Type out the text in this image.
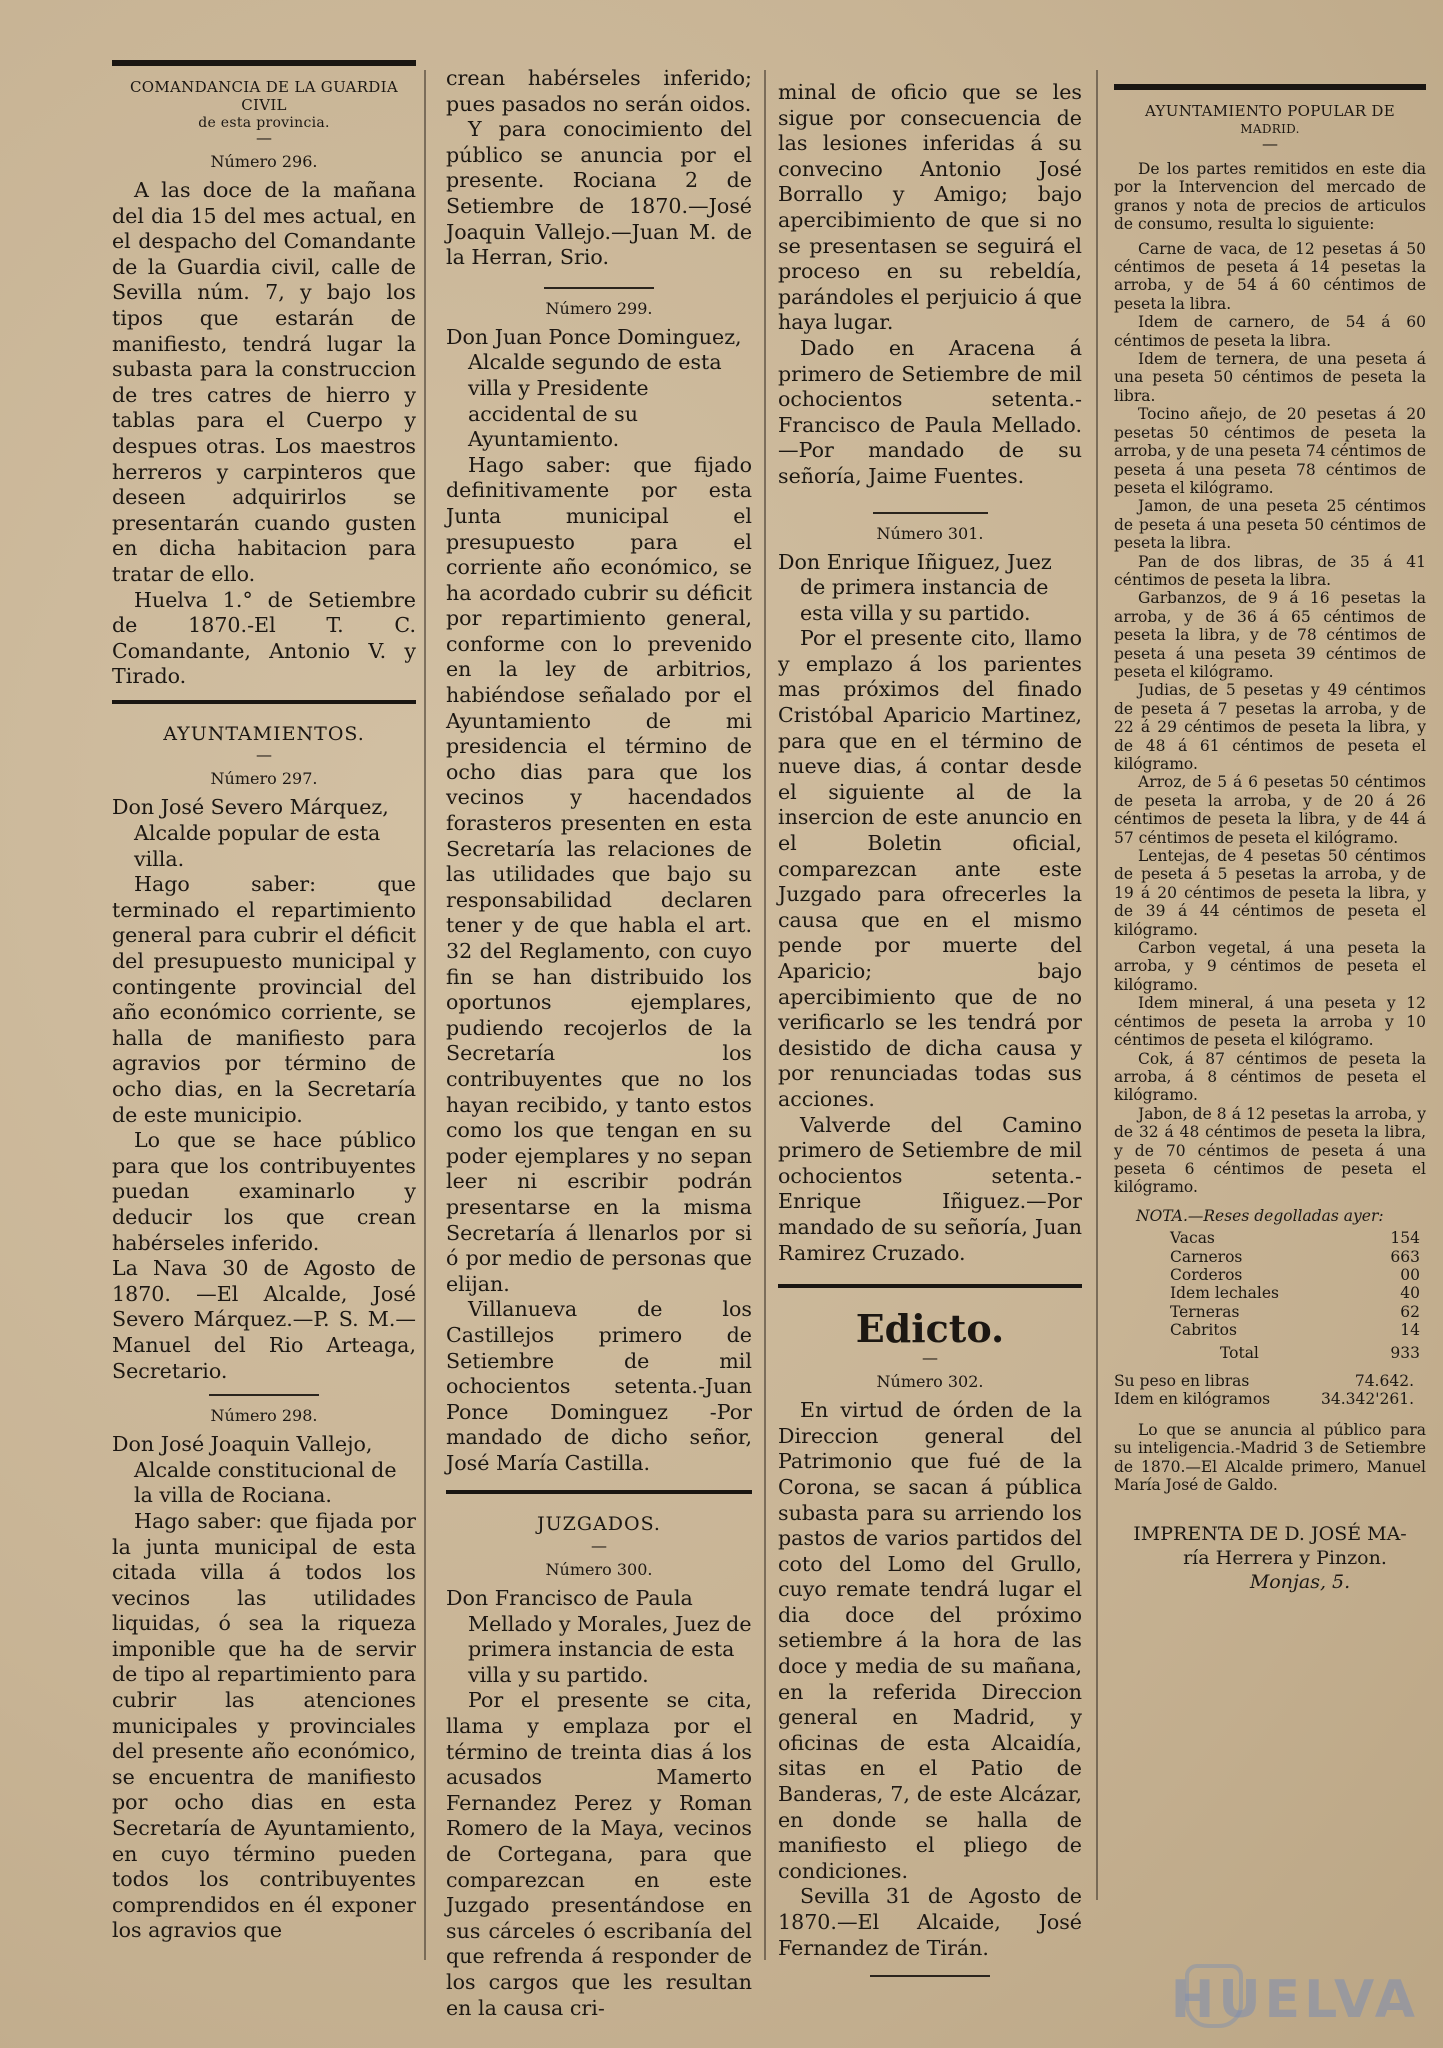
COMANDANCIA DE LA GUARDIA CIVIL
de esta provincia.
—
Número 296.

A las doce de la mañana del dia 15 del mes actual, en el despacho del Comandante de la Guardia civil, calle de Sevilla núm. 7, y bajo los tipos que estarán de manifiesto, tendrá lugar la subasta para la construccion de tres catres de hierro y tablas para el Cuerpo y despues otras. Los maestros herreros y carpinteros que deseen adquirirlos se presentarán cuando gusten en dicha habitacion para tratar de ello.

Huelva 1.° de Setiembre de 1870.-El T. C. Comandante, Antonio V. y Tirado.

AYUNTAMIENTOS.
—
Número 297.

Don José Severo Márquez, Alcalde popular de esta villa.

Hago saber: que terminado el repartimiento general para cubrir el déficit del presupuesto municipal y contingente provincial del año económico corriente, se halla de manifiesto para agravios por término de ocho dias, en la Secretaría de este municipio.

Lo que se hace público para que los contribuyentes puedan examinarlo y deducir los que crean habérseles inferido.

La Nava 30 de Agosto de 1870. —El Alcalde, José Severo Márquez.—P. S. M.—Manuel del Rio Arteaga, Secretario.

Número 298.

Don José Joaquin Vallejo, Alcalde constitucional de la villa de Rociana.

Hago saber: que fijada por la junta municipal de esta citada villa á todos los vecinos las utilidades liquidas, ó sea la riqueza imponible que ha de servir de tipo al repartimiento para cubrir las atenciones municipales y provinciales del presente año económico, se encuentra de manifiesto por ocho dias en esta Secretaría de Ayuntamiento, en cuyo término pueden todos los contribuyentes comprendidos en él exponer los agravios que

crean habérseles inferido; pues pasados no serán oidos.

Y para conocimiento del público se anuncia por el presente. Rociana 2 de Setiembre de 1870.—José Joaquin Vallejo.—Juan M. de la Herran, Srio.

Número 299.

Don Juan Ponce Dominguez, Alcalde segundo de esta villa y Presidente accidental de su Ayuntamiento.

Hago saber: que fijado definitivamente por esta Junta municipal el presupuesto para el corriente año económico, se ha acordado cubrir su déficit por repartimiento general, conforme con lo prevenido en la ley de arbitrios, habiéndose señalado por el Ayuntamiento de mi presidencia el término de ocho dias para que los vecinos y hacendados forasteros presenten en esta Secretaría las relaciones de las utilidades que bajo su responsabilidad declaren tener y de que habla el art. 32 del Reglamento, con cuyo fin se han distribuido los oportunos ejemplares, pudiendo recojerlos de la Secretaría los contribuyentes que no los hayan recibido, y tanto estos como los que tengan en su poder ejemplares y no sepan leer ni escribir podrán presentarse en la misma Secretaría á llenarlos por si ó por medio de personas que elijan.

Villanueva de los Castillejos primero de Setiembre de mil ochocientos setenta.-Juan Ponce Dominguez -Por mandado de dicho señor, José María Castilla.

JUZGADOS.
—
Número 300.

Don Francisco de Paula Mellado y Morales, Juez de primera instancia de esta villa y su partido.

Por el presente se cita, llama y emplaza por el término de treinta dias á los acusados Mamerto Fernandez Perez y Roman Romero de la Maya, vecinos de Cortegana, para que comparezcan en este Juzgado presentándose en sus cárceles ó escribanía del que refrenda á responder de los cargos que les resultan en la causa cri-

minal de oficio que se les sigue por consecuencia de las lesiones inferidas á su convecino Antonio José Borrallo y Amigo; bajo apercibimiento de que si no se presentasen se seguirá el proceso en su rebeldía, parándoles el perjuicio á que haya lugar.

Dado en Aracena á primero de Setiembre de mil ochocientos setenta.-Francisco de Paula Mellado.—Por mandado de su señoría, Jaime Fuentes.

Número 301.

Don Enrique Iñiguez, Juez de primera instancia de esta villa y su partido.

Por el presente cito, llamo y emplazo á los parientes mas próximos del finado Cristóbal Aparicio Martinez, para que en el término de nueve dias, á contar desde el siguiente al de la insercion de este anuncio en el Boletin oficial, comparezcan ante este Juzgado para ofrecerles la causa que en el mismo pende por muerte del Aparicio; bajo apercibimiento que de no verificarlo se les tendrá por desistido de dicha causa y por renunciadas todas sus acciones.

Valverde del Camino primero de Setiembre de mil ochocientos setenta.-Enrique Iñiguez.—Por mandado de su señoría, Juan Ramirez Cruzado.

Edicto.
—
Número 302.

En virtud de órden de la Direccion general del Patrimonio que fué de la Corona, se sacan á pública subasta para su arriendo los pastos de varios partidos del coto del Lomo del Grullo, cuyo remate tendrá lugar el dia doce del próximo setiembre á la hora de las doce y media de su mañana, en la referida Direccion general en Madrid, y oficinas de esta Alcaidía, sitas en el Patio de Banderas, 7, de este Alcázar, en donde se halla de manifiesto el pliego de condiciones.

Sevilla 31 de Agosto de 1870.—El Alcaide, José Fernandez de Tirán.

AYUNTAMIENTO POPULAR DE
MADRID.
—

De los partes remitidos en este dia por la Intervencion del mercado de granos y nota de precios de articulos de consumo, resulta lo siguiente:

Carne de vaca, de 12 pesetas á 50 céntimos de peseta á 14 pesetas la arroba, y de 54 á 60 céntimos de peseta la libra.

Idem de carnero, de 54 á 60 céntimos de peseta la libra.

Idem de ternera, de una peseta á una peseta 50 céntimos de peseta la libra.

Tocino añejo, de 20 pesetas á 20 pesetas 50 céntimos de peseta la arroba, y de una peseta 74 céntimos de peseta á una peseta 78 céntimos de peseta el kilógramo.

Jamon, de una peseta 25 céntimos de peseta á una peseta 50 céntimos de peseta la libra.

Pan de dos libras, de 35 á 41 céntimos de peseta la libra.

Garbanzos, de 9 á 16 pesetas la arroba, y de 36 á 65 céntimos de peseta la libra, y de 78 céntimos de peseta á una peseta 39 céntimos de peseta el kilógramo.

Judias, de 5 pesetas y 49 céntimos de peseta á 7 pesetas la arroba, y de 22 á 29 céntimos de peseta la libra, y de 48 á 61 céntimos de peseta el kilógramo.

Arroz, de 5 á 6 pesetas 50 céntimos de peseta la arroba, y de 20 á 26 céntimos de peseta la libra, y de 44 á 57 céntimos de peseta el kilógramo.

Lentejas, de 4 pesetas 50 céntimos de peseta á 5 pesetas la arroba, y de 19 á 20 céntimos de peseta la libra, y de 39 á 44 céntimos de peseta el kilógramo.

Carbon vegetal, á una peseta la arroba, y 9 céntimos de peseta el kilógramo.

Idem mineral, á una peseta y 12 céntimos de peseta la arroba y 10 céntimos de peseta el kilógramo.

Cok, á 87 céntimos de peseta la arroba, á 8 céntimos de peseta el kilógramo.

Jabon, de 8 á 12 pesetas la arroba, y de 32 á 48 céntimos de peseta la libra, y de 70 céntimos de peseta á una peseta 6 céntimos de peseta el kilógramo.

NOTA.—Reses degolladas ayer:

Vacas	154
Carneros	663
Corderos	00
Idem lechales	40
Terneras	62
Cabritos	14
Total	933
Su peso en libras	74.642.
Idem en kilógramos	34.342'261.

Lo que se anuncia al público para su inteligencia.-Madrid 3 de Setiembre de 1870.—El Alcalde primero, Manuel María José de Galdo.

IMPRENTA DE D. JOSÉ MA-
ría Herrera y Pinzon.
Monjas, 5.
HUELVA
